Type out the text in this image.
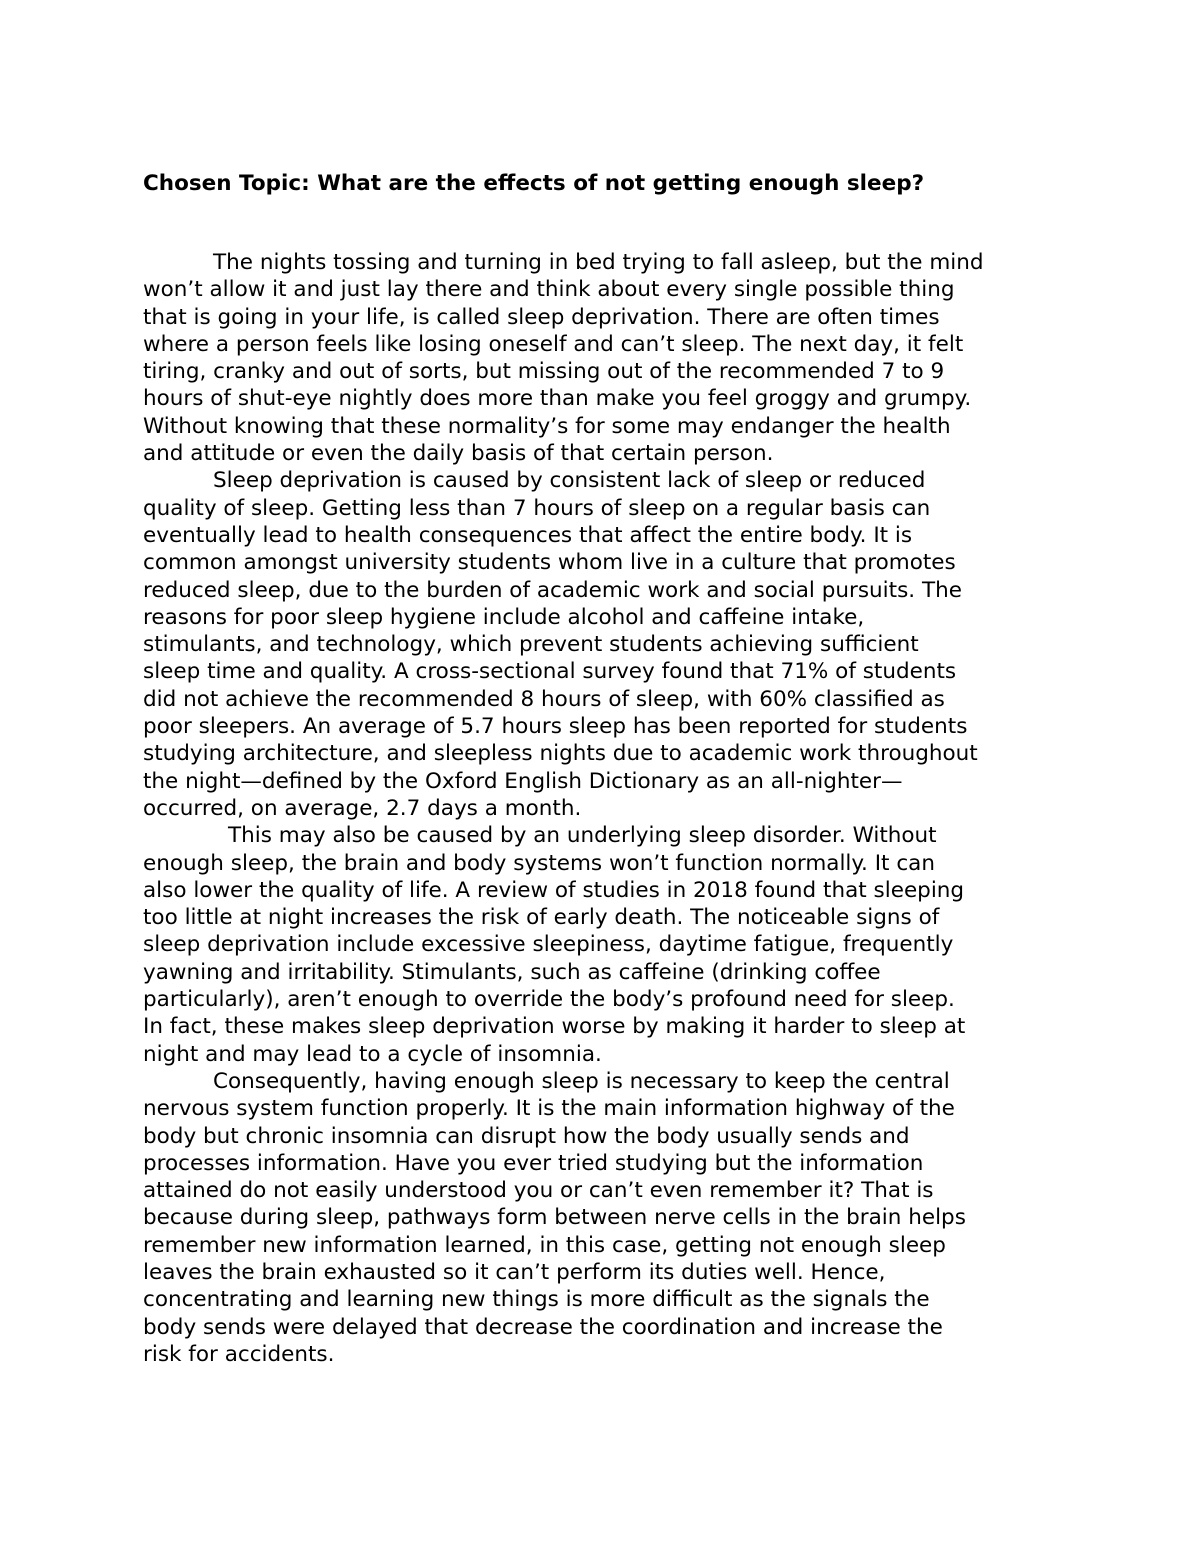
Chosen Topic: What are the effects of not getting enough sleep?

The nights tossing and turning in bed trying to fall asleep, but the mind
won’t allow it and just lay there and think about every single possible thing
that is going in your life, is called sleep deprivation. There are often times
where a person feels like losing oneself and can’t sleep. The next day, it felt
tiring, cranky and out of sorts, but missing out of the recommended 7 to 9
hours of shut-eye nightly does more than make you feel groggy and grumpy.
Without knowing that these normality’s for some may endanger the health
and attitude or even the daily basis of that certain person.

Sleep deprivation is caused by consistent lack of sleep or reduced
quality of sleep. Getting less than 7 hours of sleep on a regular basis can
eventually lead to health consequences that affect the entire body. It is
common amongst university students whom live in a culture that promotes
reduced sleep, due to the burden of academic work and social pursuits. The
reasons for poor sleep hygiene include alcohol and caffeine intake,
stimulants, and technology, which prevent students achieving sufficient
sleep time and quality. A cross-sectional survey found that 71% of students
did not achieve the recommended 8 hours of sleep, with 60% classified as
poor sleepers. An average of 5.7 hours sleep has been reported for students
studying architecture, and sleepless nights due to academic work throughout
the night—defined by the Oxford English Dictionary as an all-nighter—
occurred, on average, 2.7 days a month.

This may also be caused by an underlying sleep disorder. Without
enough sleep, the brain and body systems won’t function normally. It can
also lower the quality of life. A review of studies in 2018 found that sleeping
too little at night increases the risk of early death. The noticeable signs of
sleep deprivation include excessive sleepiness, daytime fatigue, frequently
yawning and irritability. Stimulants, such as caffeine (drinking coffee
particularly), aren’t enough to override the body’s profound need for sleep.
In fact, these makes sleep deprivation worse by making it harder to sleep at
night and may lead to a cycle of insomnia.

Consequently, having enough sleep is necessary to keep the central
nervous system function properly. It is the main information highway of the
body but chronic insomnia can disrupt how the body usually sends and
processes information. Have you ever tried studying but the information
attained do not easily understood you or can’t even remember it? That is
because during sleep, pathways form between nerve cells in the brain helps
remember new information learned, in this case, getting not enough sleep
leaves the brain exhausted so it can’t perform its duties well. Hence,
concentrating and learning new things is more difficult as the signals the
body sends were delayed that decrease the coordination and increase the
risk for accidents.
